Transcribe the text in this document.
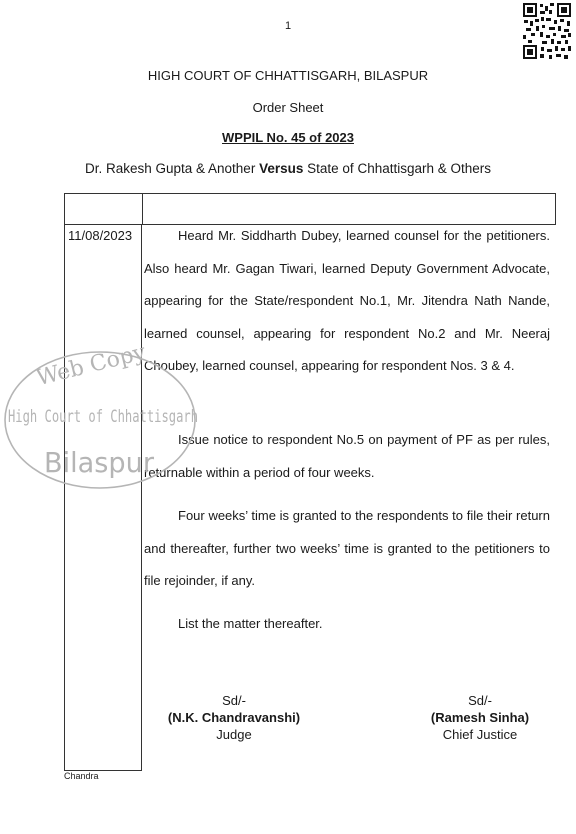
1
HIGH COURT OF CHHATTISGARH, BILASPUR
Order Sheet
WPPIL No. 45 of 2023
Dr. Rakesh Gupta & Another Versus State of Chhattisgarh & Others
11/08/2023	Heard Mr. Siddharth Dubey, learned counsel for the petitioners. Also heard Mr. Gagan Tiwari, learned Deputy Government Advocate, appearing for the State/respondent No.1, Mr. Jitendra Nath Nande, learned counsel, appearing for respondent No.2 and Mr. Neeraj Choubey, learned counsel, appearing for respondent Nos. 3 & 4.
Issue notice to respondent No.5 on payment of PF as per rules, returnable within a period of four weeks.
Four weeks’ time is granted to the respondents to file their return and thereafter, further two weeks’ time is granted to the petitioners to file rejoinder, if any.
List the matter thereafter.
Sd/-
(N.K. Chandravanshi)
Judge
Sd/-
(Ramesh Sinha)
Chief Justice
Chandra
Web Copy
High Court of Chhattisgarh
Bilaspur
